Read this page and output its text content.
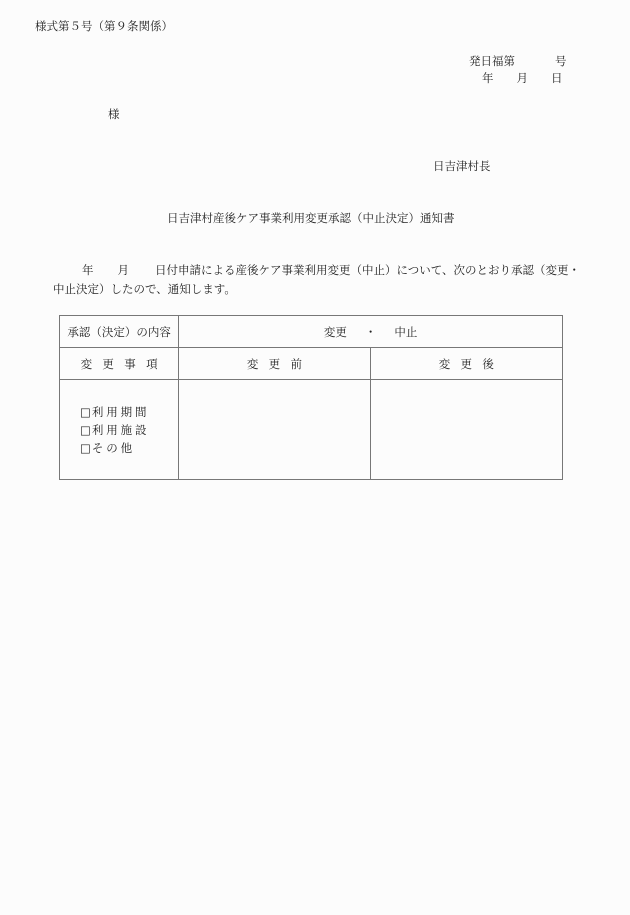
様式第５号（第９条関係）
発日福第	号
年 月 日
様
日吉津村長
日吉津村産後ケア事業利用変更承認（中止決定）通知書
年 月 日付申請による産後ケア事業利用変更（中止）について、次のとおり承認（変更・
中止決定）したので、通知します。
承認（決定）の内容	変更 ・ 中止	
変更事項	変更前	変更後

□利用期間
□利用施設
□その他		
